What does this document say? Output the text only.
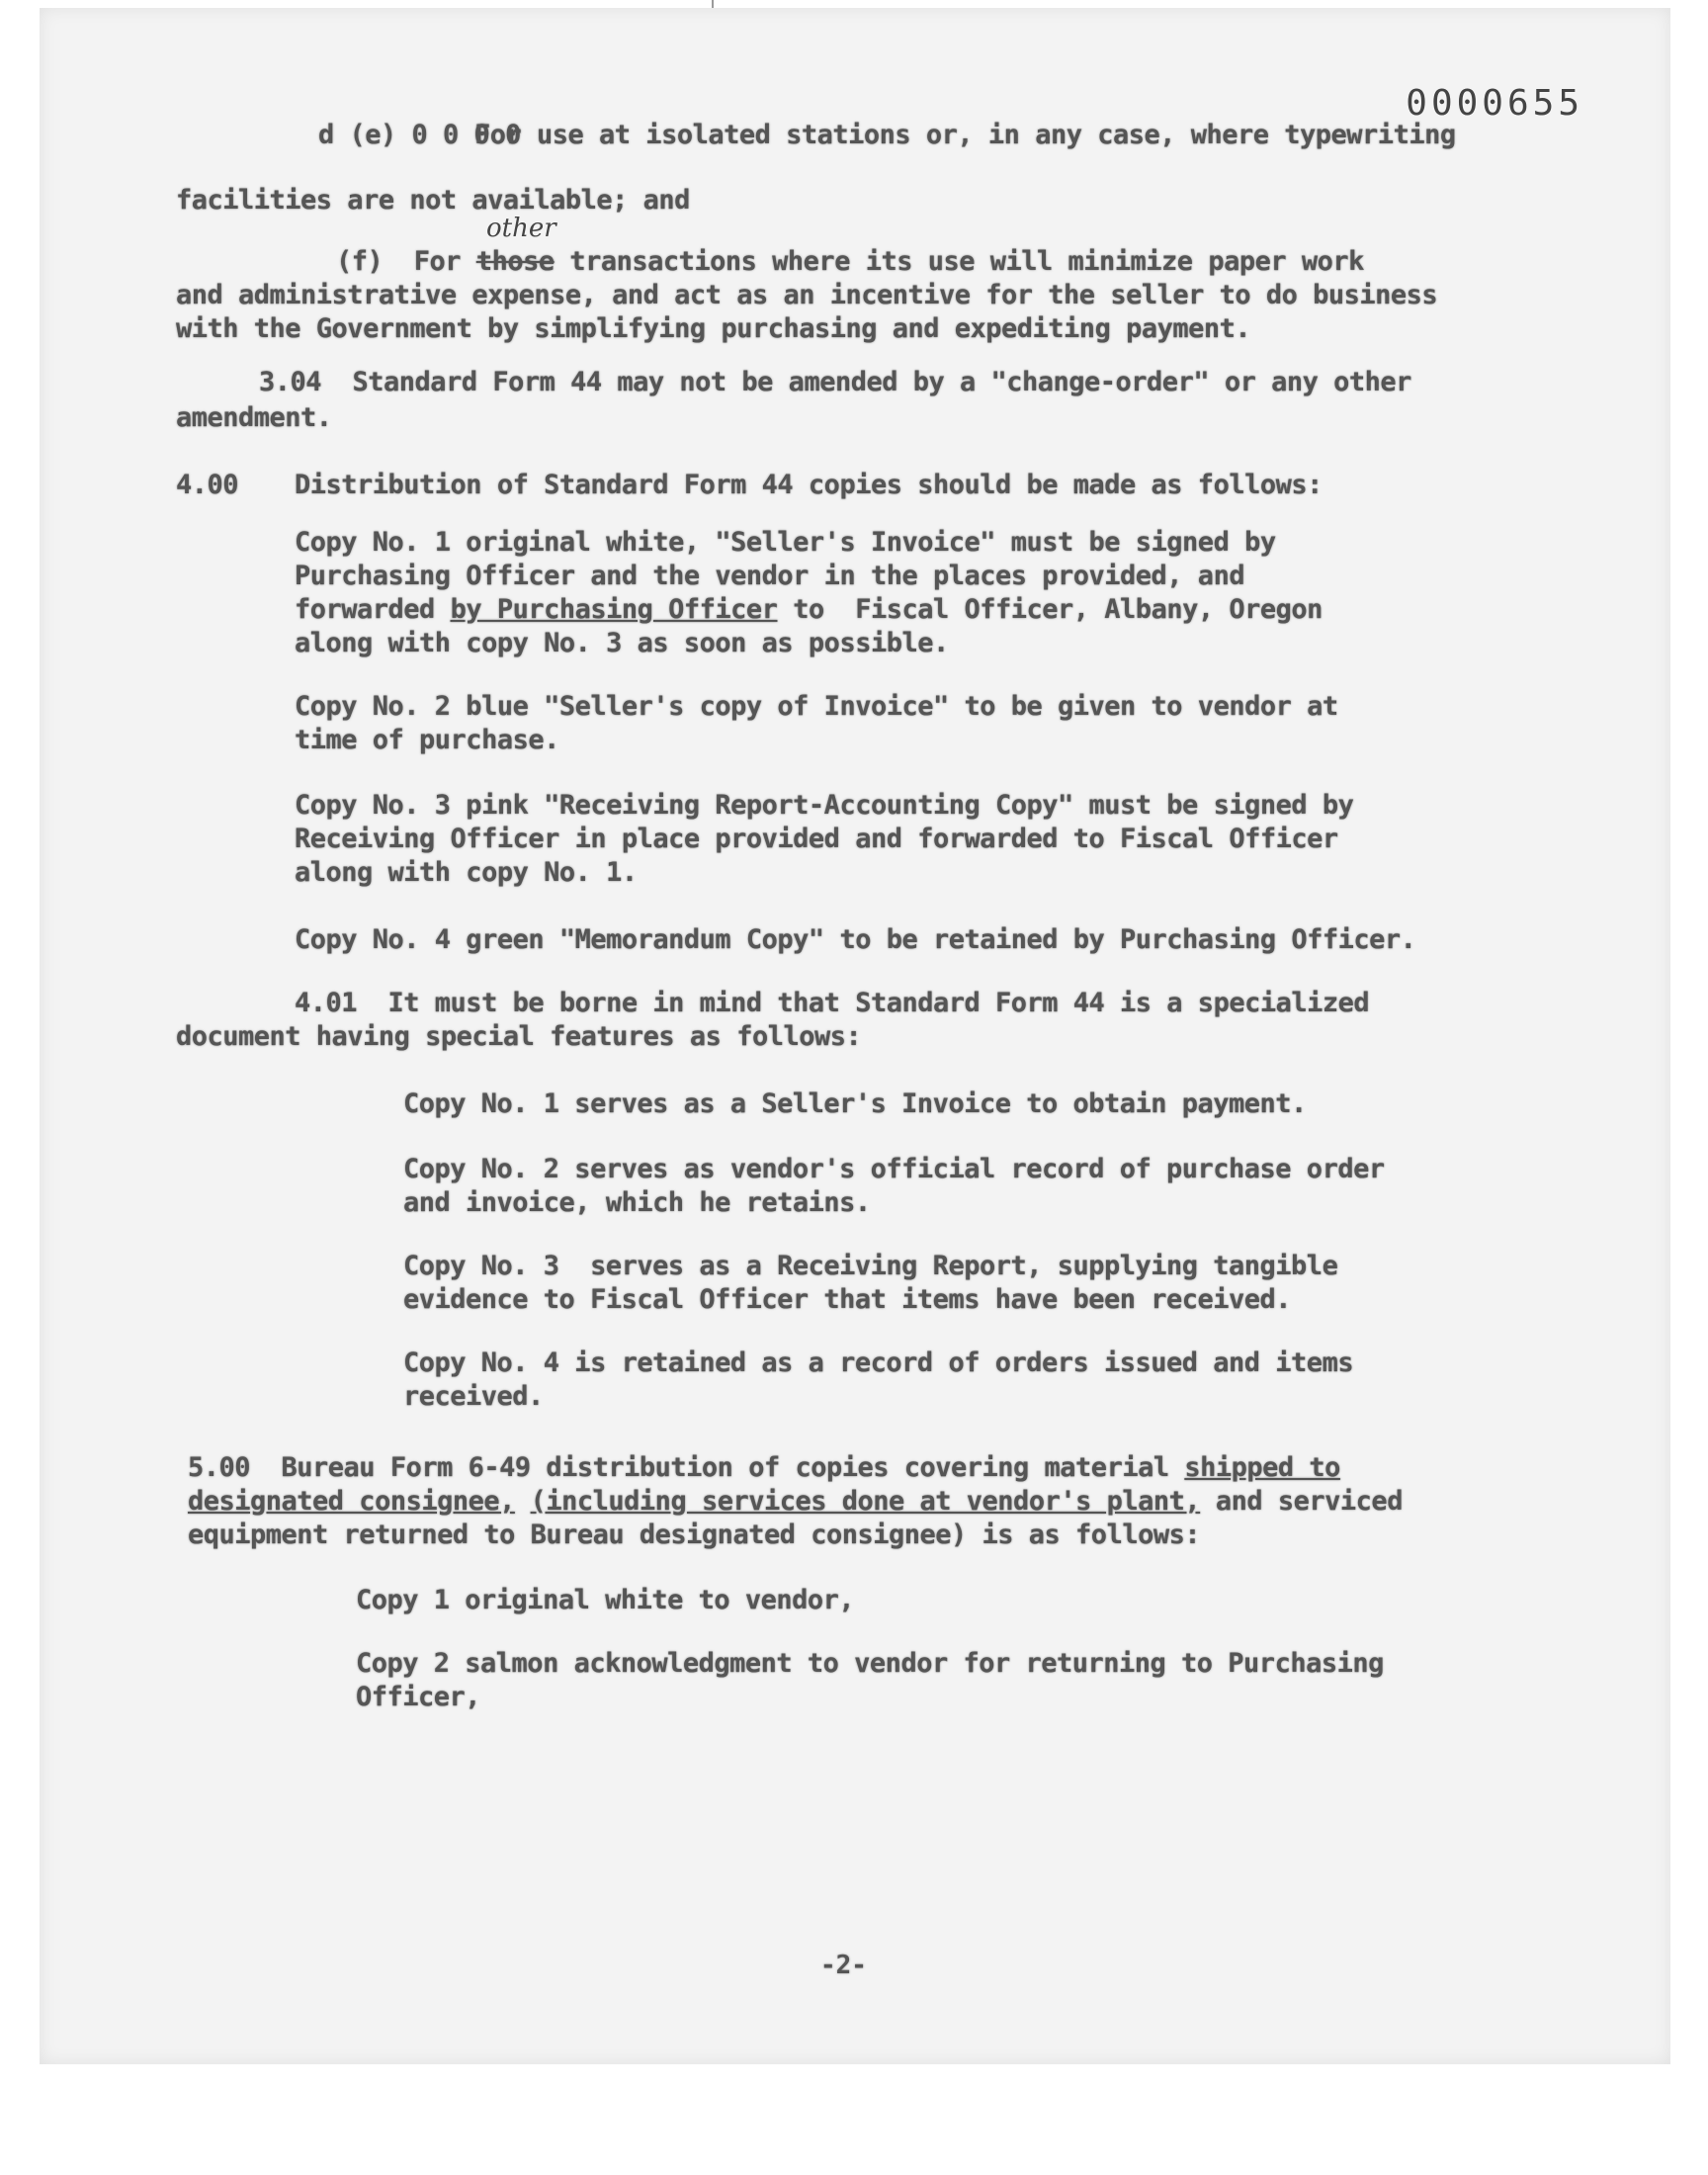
0000655

d (e) 0 0 0 0

For use at isolated stations or, in any case, where typewriting

facilities are not available; and

other

(f)  For those transactions where its use will minimize paper work

and administrative expense, and act as an incentive for the seller to do business

with the Government by simplifying purchasing and expediting payment.

3.04  Standard Form 44 may not be amended by a "change-order" or any other

amendment.

4.00 Distribution of Standard Form 44 copies should be made as follows:

Copy No. 1 original white, "Seller's Invoice" must be signed by

Purchasing Officer and the vendor in the places provided, and

forwarded by Purchasing Officer to  Fiscal Officer, Albany, Oregon

along with copy No. 3 as soon as possible.

Copy No. 2 blue "Seller's copy of Invoice" to be given to vendor at

time of purchase.

Copy No. 3 pink "Receiving Report-Accounting Copy" must be signed by

Receiving Officer in place provided and forwarded to Fiscal Officer

along with copy No. 1.

Copy No. 4 green "Memorandum Copy" to be retained by Purchasing Officer.

4.01  It must be borne in mind that Standard Form 44 is a specialized

document having special features as follows:

Copy No. 1 serves as a Seller's Invoice to obtain payment.

Copy No. 2 serves as vendor's official record of purchase order

and invoice, which he retains.

Copy No. 3  serves as a Receiving Report, supplying tangible

evidence to Fiscal Officer that items have been received.

Copy No. 4 is retained as a record of orders issued and items

received.

5.00  Bureau Form 6-49 distribution of copies covering material shipped to

designated consignee, (including services done at vendor's plant, and serviced

equipment returned to Bureau designated consignee) is as follows:

Copy 1 original white to vendor,

Copy 2 salmon acknowledgment to vendor for returning to Purchasing

Officer,

-2-
